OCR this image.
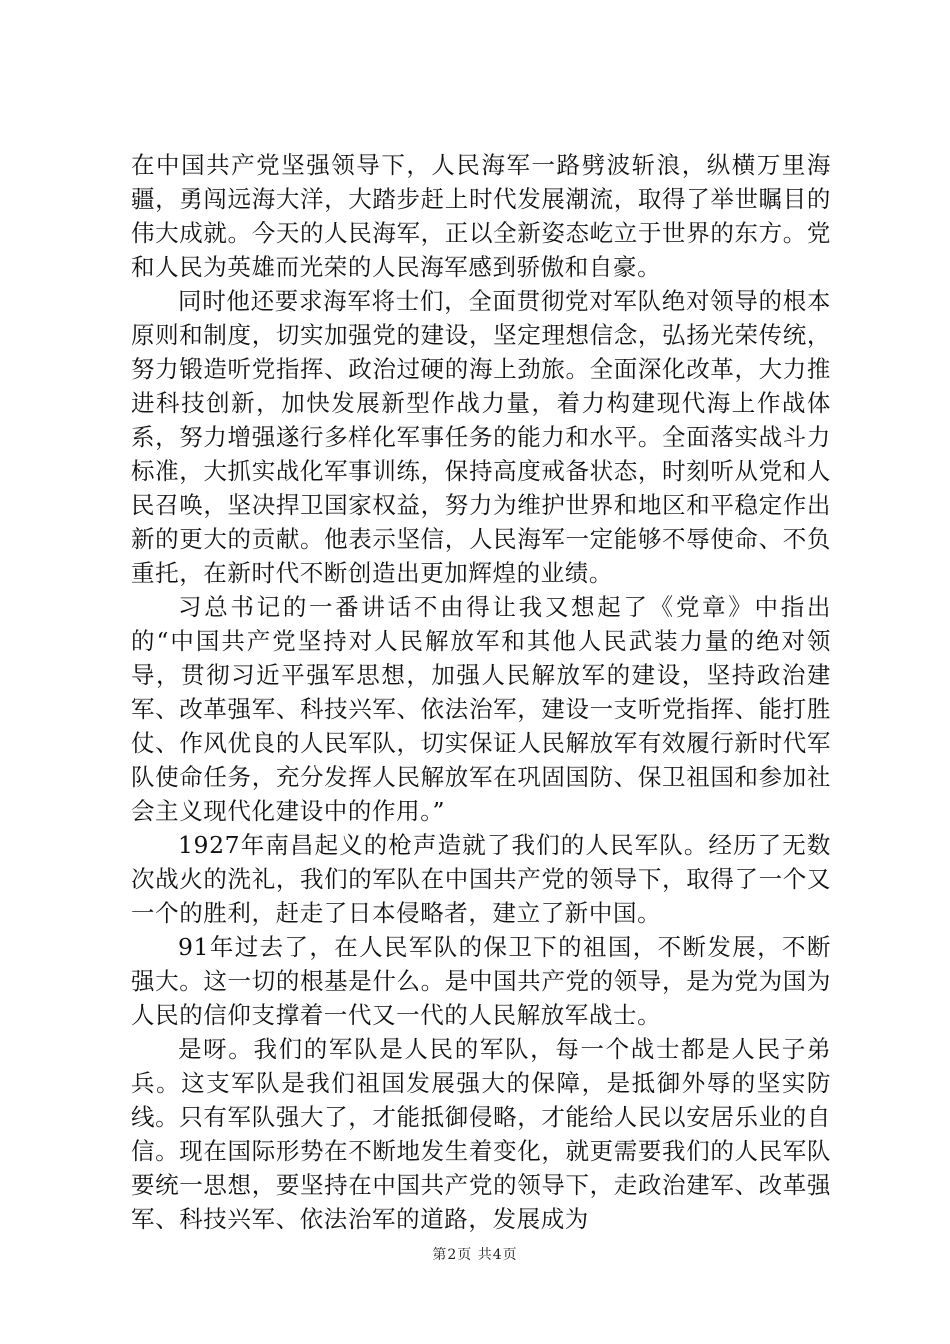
在中国共产党坚强领导下，人民海军一路劈波斩浪，纵横万里海疆，勇闯远海大洋，大踏步赶上时代发展潮流，取得了举世瞩目的伟大成就。今天的人民海军，正以全新姿态屹立于世界的东方。党和人民为英雄而光荣的人民海军感到骄傲和自豪。

同时他还要求海军将士们，全面贯彻党对军队绝对领导的根本原则和制度，切实加强党的建设，坚定理想信念，弘扬光荣传统，努力锻造听党指挥、政治过硬的海上劲旅。全面深化改革，大力推进科技创新，加快发展新型作战力量，着力构建现代海上作战体系，努力增强遂行多样化军事任务的能力和水平。全面落实战斗力标准，大抓实战化军事训练，保持高度戒备状态，时刻听从党和人民召唤，坚决捍卫国家权益，努力为维护世界和地区和平稳定作出新的更大的贡献。他表示坚信，人民海军一定能够不辱使命、不负重托，在新时代不断创造出更加辉煌的业绩。

习总书记的一番讲话不由得让我又想起了《党章》中指出的“中国共产党坚持对人民解放军和其他人民武装力量的绝对领导，贯彻习近平强军思想，加强人民解放军的建设，坚持政治建军、改革强军、科技兴军、依法治军，建设一支听党指挥、能打胜仗、作风优良的人民军队，切实保证人民解放军有效履行新时代军队使命任务，充分发挥人民解放军在巩固国防、保卫祖国和参加社会主义现代化建设中的作用。”

1927年南昌起义的枪声造就了我们的人民军队。经历了无数次战火的洗礼，我们的军队在中国共产党的领导下，取得了一个又一个的胜利，赶走了日本侵略者，建立了新中国。

91年过去了，在人民军队的保卫下的祖国，不断发展，不断强大。这一切的根基是什么。是中国共产党的领导，是为党为国为人民的信仰支撑着一代又一代的人民解放军战士。

是呀。我们的军队是人民的军队，每一个战士都是人民子弟兵。这支军队是我们祖国发展强大的保障，是抵御外辱的坚实防线。只有军队强大了，才能抵御侵略，才能给人民以安居乐业的自信。现在国际形势在不断地发生着变化，就更需要我们的人民军队要统一思想，要坚持在中国共产党的领导下，走政治建军、改革强军、科技兴军、依法治军的道路，发展成为

第2页 共4页
